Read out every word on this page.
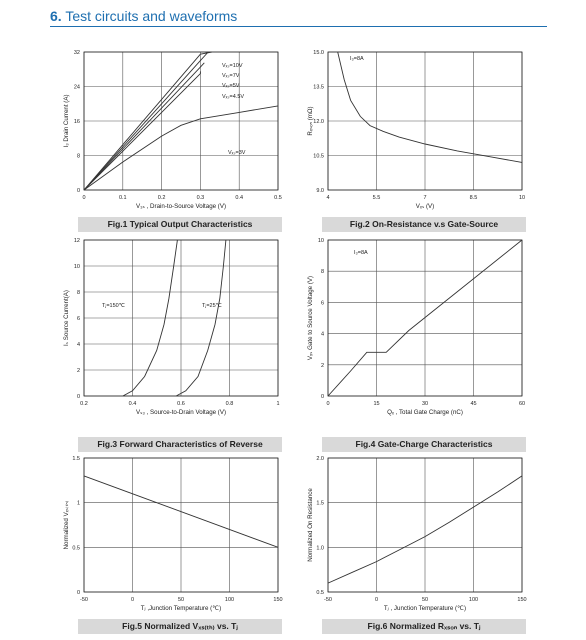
6. Test circuits and waveforms
0	0.1	0.2	0.3	0.4	0.5
0
8
16
24
32
V₃ₛ , Drain-to-Source Voltage (V)
I₃ Drain Current (A)
Vₓₛ=10V
Vₓₛ=7V
Vₓₛ=5V
Vₓₛ=4.5V
Vₓₛ=3V
Fig.1 Typical Output Characteristics
4	5.5	7	8.5	10
9.0
10.5
12.0
13.5
15.0
Vₓₛ (V)
Rₓₛₒₙ (mΩ)
I₃=8A
Fig.2 On-Resistance v.s Gate-Source
0.2	0.4	0.6	0.8	1
0
2
4
6
8
10
12
Vₛ₃ , Source-to-Drain Voltage (V)
Iₛ Source Current(A)	Tⱼ=150℃	Tⱼ=25℃
Fig.3 Forward Characteristics of Reverse
0	15	30	45	60
0
2
4
6
8
10
Qₓ , Total Gate Charge (nC)
Vₓₛ Gate to Source Voltage (V)
I₃=8A
Fig.4 Gate-Charge Characteristics
-50	0	50	100	150
0
0.5
1
1.5
Tⱼ ,Junction Temperature (℃)
Normalized Vₓₛ₍ₜₕ₎
Fig.5 Normalized Vₓₛ₍ₜₕ₎ vs. Tⱼ
-50	0	50	100	150
0.5
1.0
1.5
2.0
Tⱼ , Junction Temperature (℃)
Normalized On Resistance
Fig.6 Normalized Rₓₛₒₙ vs. Tⱼ
